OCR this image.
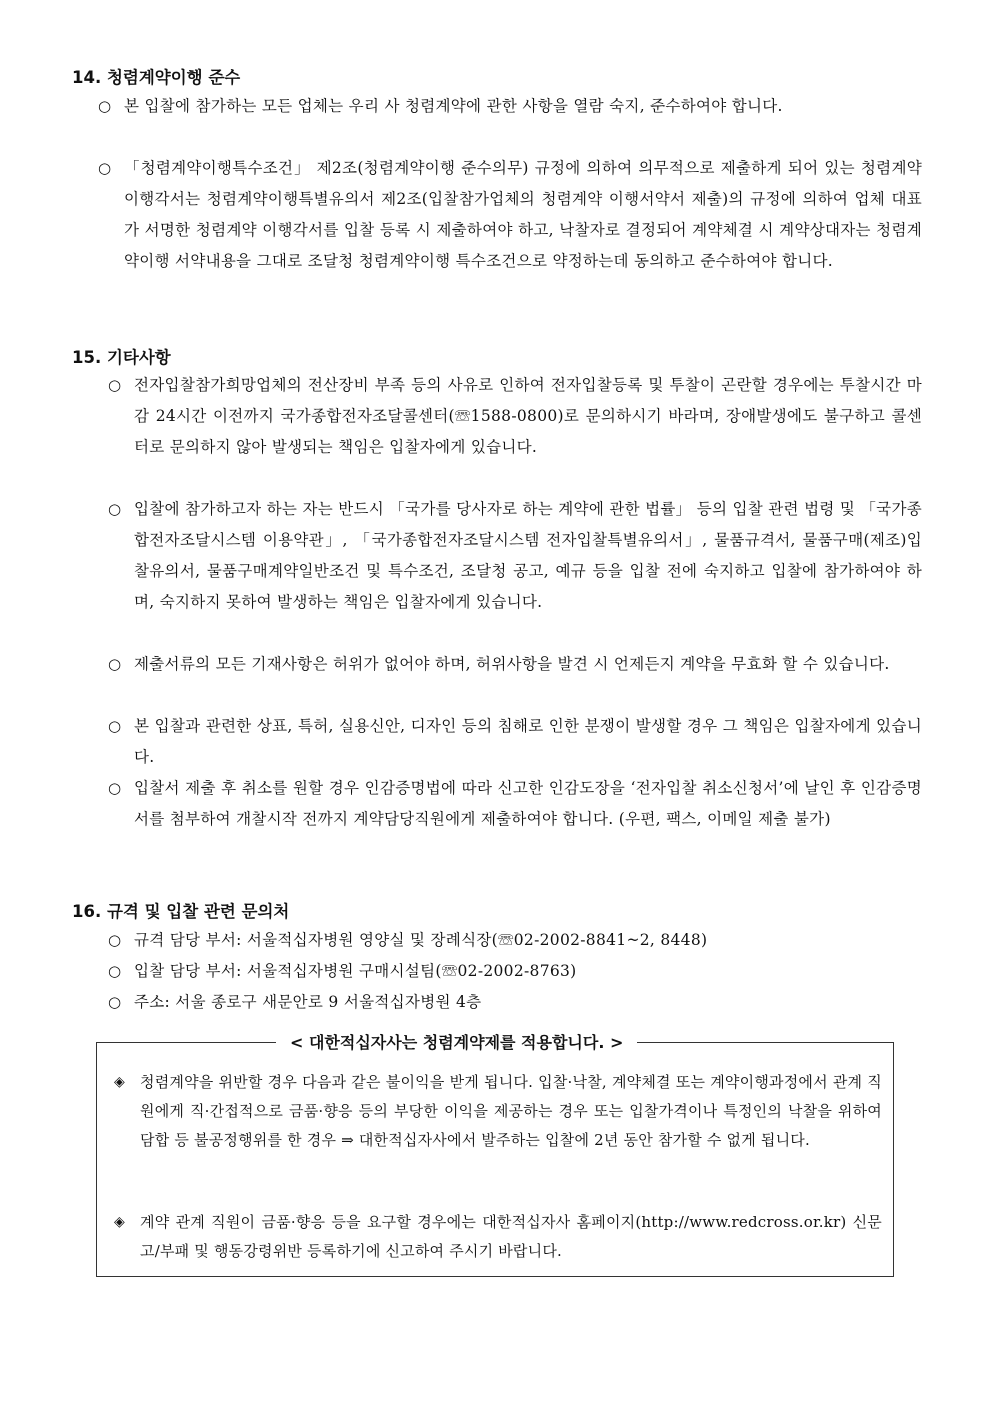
14. 청렴계약이행 준수
○ 본 입찰에 참가하는 모든 업체는 우리 사 청렴계약에 관한 사항을 열람 숙지, 준수하여야 합니다.
○ 「청렴계약이행특수조건」 제2조(청렴계약이행 준수의무) 규정에 의하여 의무적으로 제출하게 되어 있는 청렴계약 이행각서는 청렴계약이행특별유의서 제2조(입찰참가업체의 청렴계약 이행서약서 제출)의 규정에 의하여 업체 대표가 서명한 청렴계약 이행각서를 입찰 등록 시 제출하여야 하고, 낙찰자로 결정되어 계약체결 시 계약상대자는 청렴계약이행 서약내용을 그대로 조달청 청렴계약이행 특수조건으로 약정하는데 동의하고 준수하여야 합니다.
15. 기타사항
○ 전자입찰참가희망업체의 전산장비 부족 등의 사유로 인하여 전자입찰등록 및 투찰이 곤란할 경우에는 투찰시간 마감 24시간 이전까지 국가종합전자조달콜센터(☏1588-0800)로 문의하시기 바라며, 장애발생에도 불구하고 콜센터로 문의하지 않아 발생되는 책임은 입찰자에게 있습니다.
○ 입찰에 참가하고자 하는 자는 반드시 「국가를 당사자로 하는 계약에 관한 법률」 등의 입찰 관련 법령 및 「국가종합전자조달시스템 이용약관」, 「국가종합전자조달시스템 전자입찰특별유의서」, 물품규격서, 물품구매(제조)입찰유의서, 물품구매계약일반조건 및 특수조건, 조달청 공고, 예규 등을 입찰 전에 숙지하고 입찰에 참가하여야 하며, 숙지하지 못하여 발생하는 책임은 입찰자에게 있습니다.
○ 제출서류의 모든 기재사항은 허위가 없어야 하며, 허위사항을 발견 시 언제든지 계약을 무효화 할 수 있습니다.
○ 본 입찰과 관련한 상표, 특허, 실용신안, 디자인 등의 침해로 인한 분쟁이 발생할 경우 그 책임은 입찰자에게 있습니다.
○ 입찰서 제출 후 취소를 원할 경우 인감증명법에 따라 신고한 인감도장을 ‘전자입찰 취소신청서’에 날인 후 인감증명서를 첨부하여 개찰시작 전까지 계약담당직원에게 제출하여야 합니다. (우편, 팩스, 이메일 제출 불가)
16. 규격 및 입찰 관련 문의처
○ 규격 담당 부서: 서울적십자병원 영양실 및 장례식장(☏02-2002-8841~2, 8448)
○ 입찰 담당 부서: 서울적십자병원 구매시설팀(☏02-2002-8763)
○ 주소: 서울 종로구 새문안로 9 서울적십자병원 4층
< 대한적십자사는 청렴계약제를 적용합니다. >
◈	청렴계약을 위반할 경우 다음과 같은 불이익을 받게 됩니다. 입찰·낙찰, 계약체결 또는 계약이행과정에서 관계 직원에게 직·간접적으로 금품·향응 등의 부당한 이익을 제공하는 경우 또는 입찰가격이나 특정인의 낙찰을 위하여 담합 등 불공정행위를 한 경우 ⇒ 대한적십자사에서 발주하는 입찰에 2년 동안 참가할 수 없게 됩니다.
◈	계약 관계 직원이 금품·향응 등을 요구할 경우에는 대한적십자사 홈페이지(http://www.redcross.or.kr) 신문고/부패 및 행동강령위반 등록하기에 신고하여 주시기 바랍니다.
